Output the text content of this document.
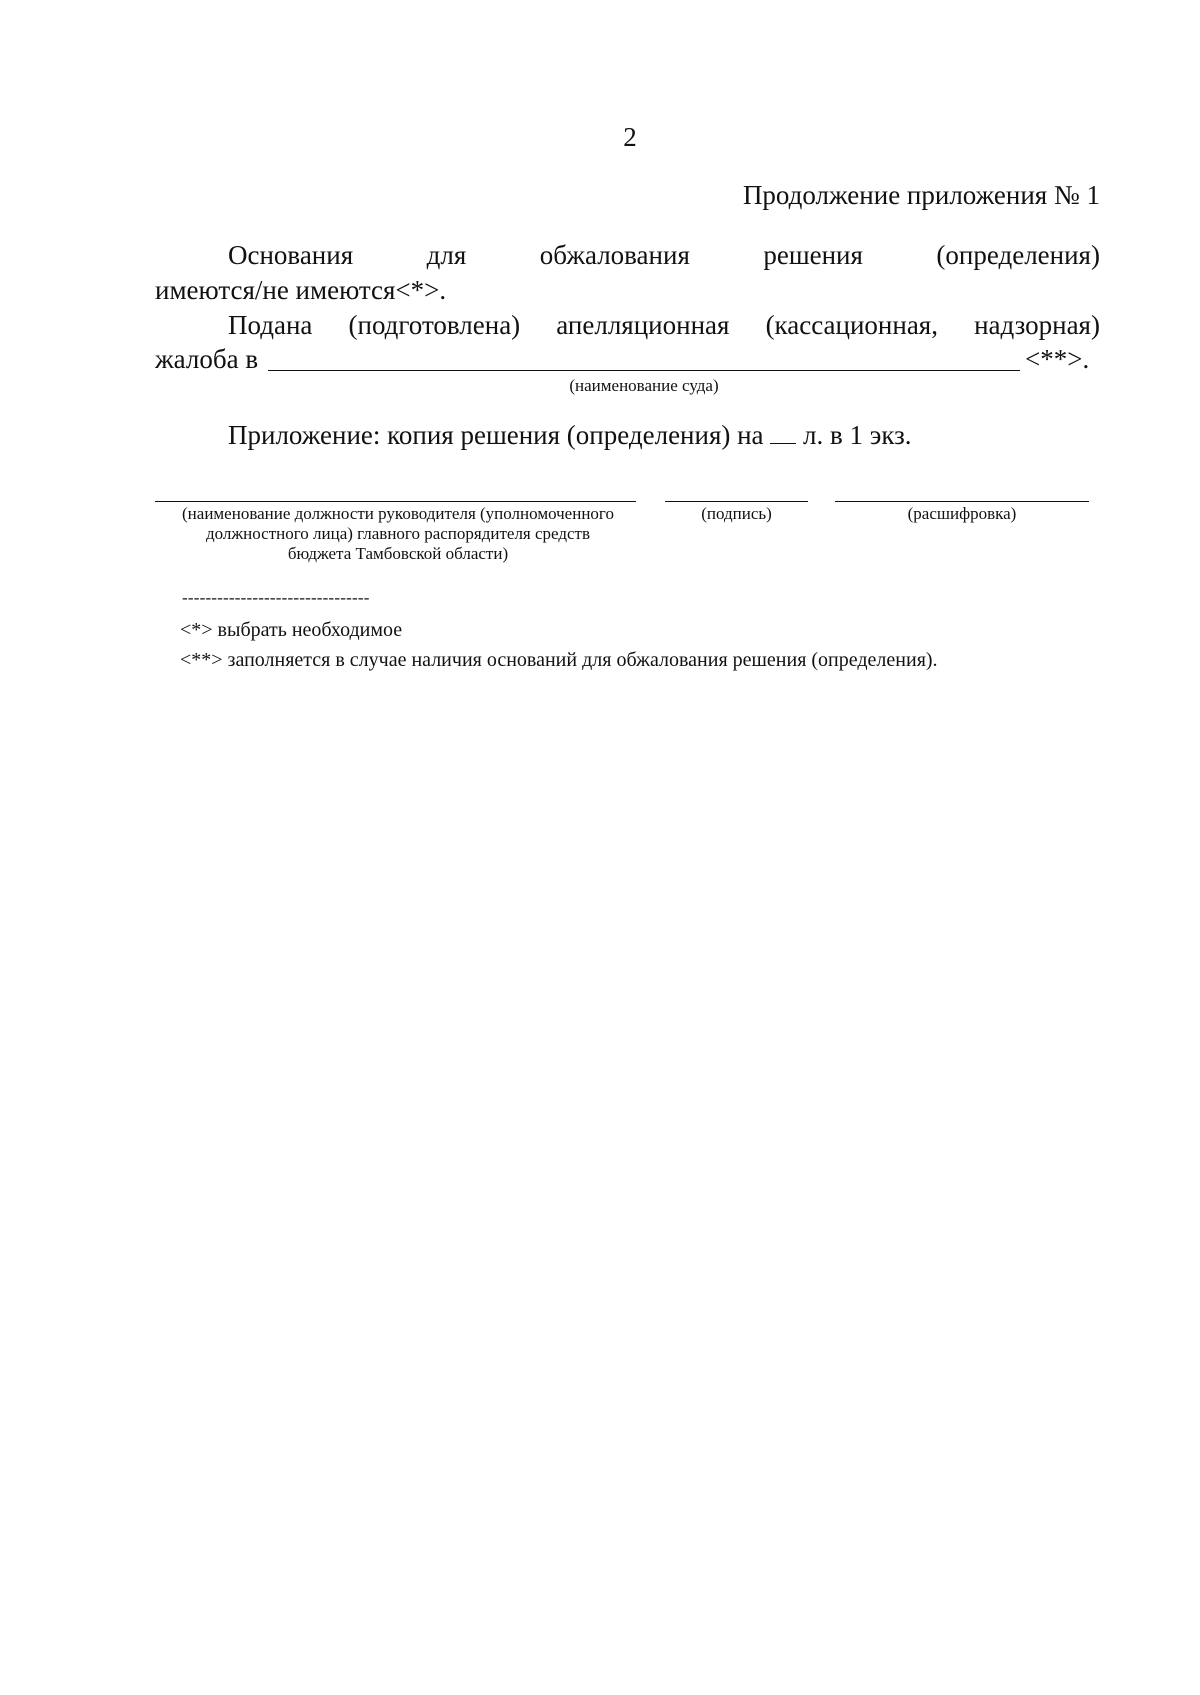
2
Продолжение приложения № 1
Основания	для	обжалования	решения	(определения)
имеются/не имеются<*>.
Подана (подготовлена) апелляционная (кассационная, надзорная)
жалоба в	<**>.
(наименование суда)
Приложение: копия решения (определения) на л. в 1 экз.
(наименование должности руководителя (уполномоченного должностного лица) главного распорядителя средств бюджета Тамбовской области)
(подпись)	(расшифровка)
--------------------------------
<*> выбрать необходимое
<**> заполняется в случае наличия оснований для обжалования решения (определения).
